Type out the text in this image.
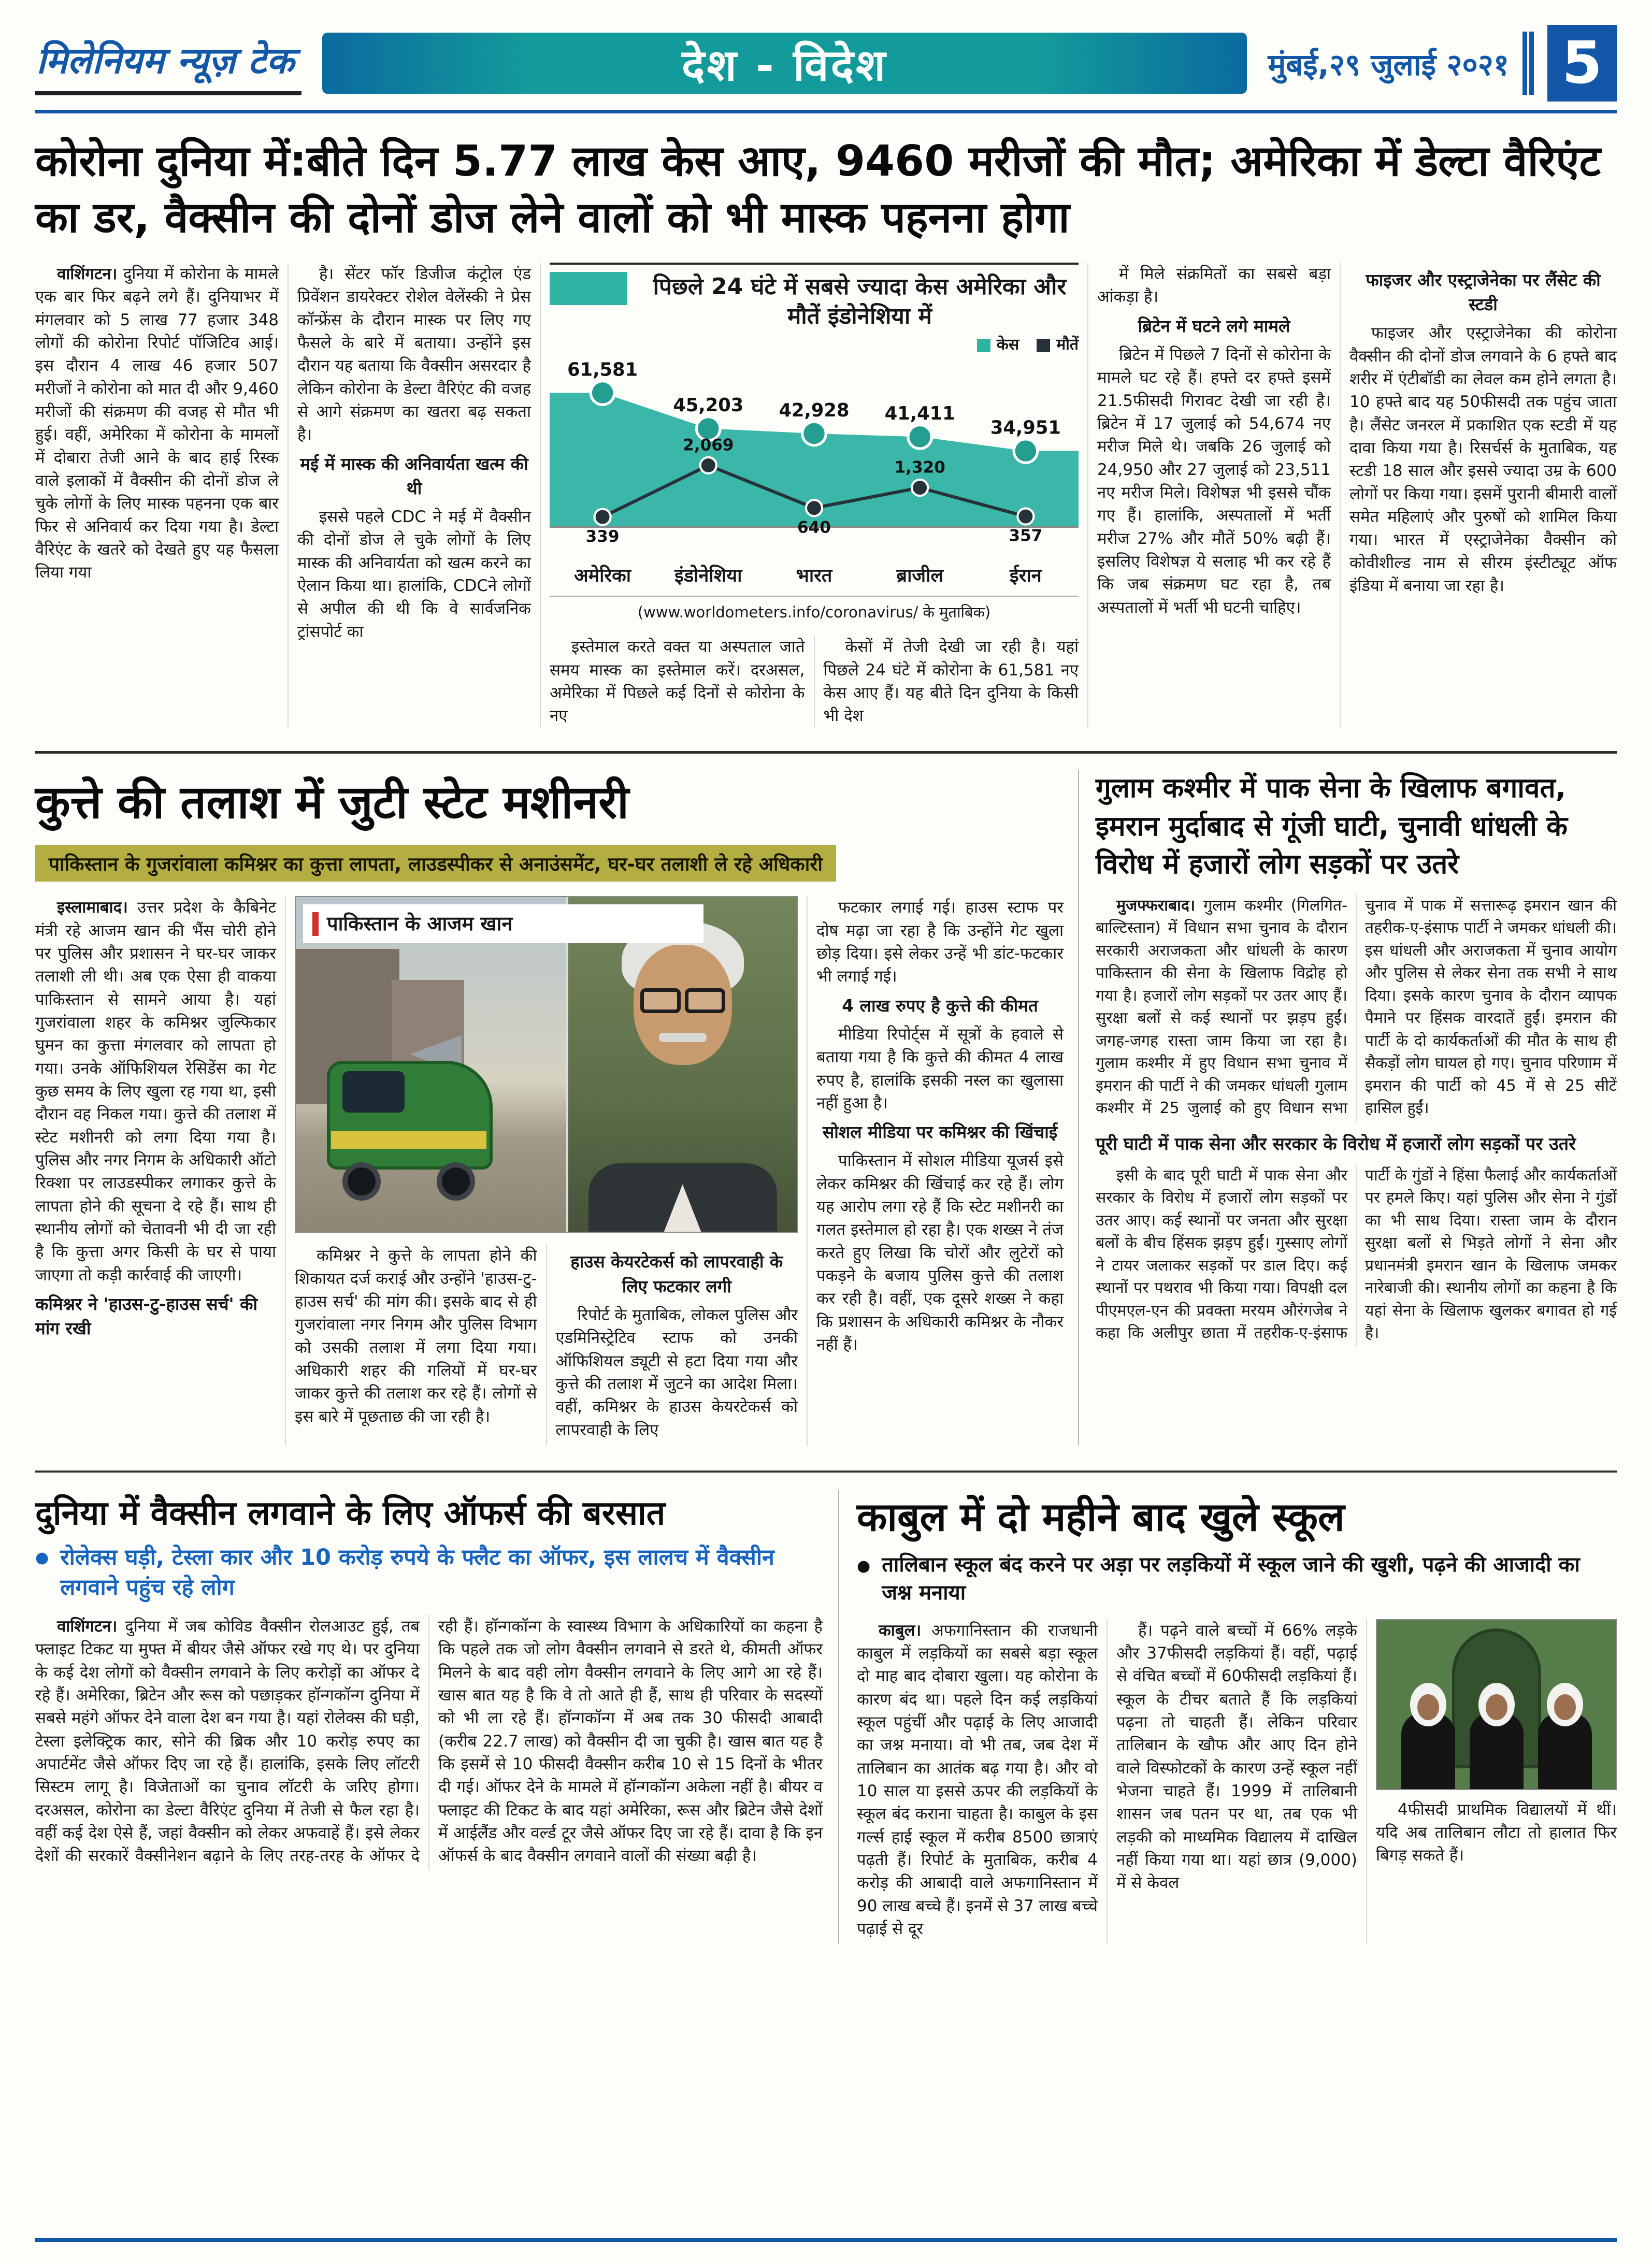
मिलेनियम न्यूज़ टेक	देश - विदेश	मुंबई,२९ जुलाई २०२१ 5
कोरोना दुनिया में:बीते दिन 5.77 लाख केस आए, 9460 मरीजों की मौत; अमेरिका में डेल्टा वैरिएंट का डर, वैक्सीन की दोनों डोज लेने वालों को भी मास्क पहनना होगा

वाशिंगटन। दुनिया में कोरोना के मामले एक बार फिर बढ़ने लगे हैं। दुनियाभर में मंगलवार को 5 लाख 77 हजार 348 लोगों की कोरोना रिपोर्ट पॉजिटिव आई। इस दौरान 4 लाख 46 हजार 507 मरीजों ने कोरोना को मात दी और 9,460 मरीजों की संक्रमण की वजह से मौत भी हुई। वहीं, अमेरिका में कोरोना के मामलों में दोबारा तेजी आने के बाद हाई रिस्क वाले इलाकों में वैक्सीन की दोनों डोज ले चुके लोगों के लिए मास्क पहनना एक बार फिर से अनिवार्य कर दिया गया है। डेल्टा वैरिएंट के खतरे को देखते हुए यह फैसला लिया गया

है। सेंटर फॉर डिजीज कंट्रोल एंड प्रिवेंशन डायरेक्टर रोशेल वेलेंस्की ने प्रेस कॉन्फ्रेंस के दौरान मास्क पर लिए गए फैसले के बारे में बताया। उन्होंने इस दौरान यह बताया कि वैक्सीन असरदार है लेकिन कोरोना के डेल्टा वैरिएंट की वजह से आगे संक्रमण का खतरा बढ़ सकता है।

मई में मास्क की अनिवार्यता खत्म की थी

इससे पहले CDC ने मई में वैक्सीन की दोनों डोज ले चुके लोगों के लिए मास्क की अनिवार्यता को खत्म करने का ऐलान किया था। हालांकि, CDCने लोगों से अपील की थी कि वे सार्वजनिक ट्रांसपोर्ट का

पिछले 24 घंटे में सबसे ज्यादा केस अमेरिका और मौतें इंडोनेशिया में
केस	मौतें
61,581
339
45,203
2,069
42,928
640
41,411
1,320
34,951
357
अमेरिका	इंडोनेशिया	भारत	ब्राजील	ईरान
(www.worldometers.info/coronavirus/ के मुताबिक)
इस्तेमाल करते वक्त या अस्पताल जाते समय मास्क का इस्तेमाल करें। दरअसल, अमेरिका में पिछले कई दिनों से कोरोना के नए
केसों में तेजी देखी जा रही है। यहां पिछले 24 घंटे में कोरोना के 61,581 नए केस आए हैं। यह बीते दिन दुनिया के किसी भी देश

में मिले संक्रमितों का सबसे बड़ा आंकड़ा है।

ब्रिटेन में घटने लगे मामले

ब्रिटेन में पिछले 7 दिनों से कोरोना के मामले घट रहे हैं। हफ्ते दर हफ्ते इसमें 21.5फीसदी गिरावट देखी जा रही है। ब्रिटेन में 17 जुलाई को 54,674 नए मरीज मिले थे। जबकि 26 जुलाई को 24,950 और 27 जुलाई को 23,511 नए मरीज मिले। विशेषज्ञ भी इससे चौंक गए हैं। हालांकि, अस्पतालों में भर्ती मरीज 27% और मौतें 50% बढ़ी हैं। इसलिए विशेषज्ञ ये सलाह भी कर रहे हैं कि जब संक्रमण घट रहा है, तब अस्पतालों में भर्ती भी घटनी चाहिए।

फाइजर और एस्ट्राजेनेका पर लैंसेट की स्टडी

फाइजर और एस्ट्राजेनेका की कोरोना वैक्सीन की दोनों डोज लगवाने के 6 हफ्ते बाद शरीर में एंटीबॉडी का लेवल कम होने लगता है। 10 हफ्ते बाद यह 50फीसदी तक पहुंच जाता है। लैंसेट जनरल में प्रकाशित एक स्टडी में यह दावा किया गया है। रिसर्चर्स के मुताबिक, यह स्टडी 18 साल और इससे ज्यादा उम्र के 600 लोगों पर किया गया। इसमें पुरानी बीमारी वालों समेत महिलाएं और पुरुषों को शामिल किया गया। भारत में एस्ट्राजेनेका वैक्सीन को कोवीशील्ड नाम से सीरम इंस्टीट्यूट ऑफ इंडिया में बनाया जा रहा है।

कुत्ते की तलाश में जुटी स्टेट मशीनरी
पाकिस्तान के गुजरांवाला कमिश्नर का कुत्ता लापता, लाउडस्पीकर से अनाउंसमेंट, घर-घर तलाशी ले रहे अधिकारी

इस्लामाबाद। उत्तर प्रदेश के कैबिनेट मंत्री रहे आजम खान की भैंस चोरी होने पर पुलिस और प्रशासन ने घर-घर जाकर तलाशी ली थी। अब एक ऐसा ही वाकया पाकिस्तान से सामने आया है। यहां गुजरांवाला शहर के कमिश्नर जुल्फिकार घुमन का कुत्ता मंगलवार को लापता हो गया। उनके ऑफिशियल रेसिडेंस का गेट कुछ समय के लिए खुला रह गया था, इसी दौरान वह निकल गया। कुत्ते की तलाश में स्टेट मशीनरी को लगा दिया गया है। पुलिस और नगर निगम के अधिकारी ऑटो रिक्शा पर लाउडस्पीकर लगाकर कुत्ते के लापता होने की सूचना दे रहे हैं। साथ ही स्थानीय लोगों को चेतावनी भी दी जा रही है कि कुत्ता अगर किसी के घर से पाया जाएगा तो कड़ी कार्रवाई की जाएगी।

कमिश्नर ने 'हाउस-टु-हाउस सर्च' की मांग रखी

पाकिस्तान के आजम खान

कमिश्नर ने कुत्ते के लापता होने की शिकायत दर्ज कराई और उन्होंने 'हाउस-टु-हाउस सर्च' की मांग की। इसके बाद से ही गुजरांवाला नगर निगम और पुलिस विभाग को उसकी तलाश में लगा दिया गया। अधिकारी शहर की गलियों में घर-घर जाकर कुत्ते की तलाश कर रहे हैं। लोगों से इस बारे में पूछताछ की जा रही है।

हाउस केयरटेकर्स को लापरवाही के लिए फटकार लगी

रिपोर्ट के मुताबिक, लोकल पुलिस और एडमिनिस्ट्रेटिव स्टाफ को उनकी ऑफिशियल ड्यूटी से हटा दिया गया और कुत्ते की तलाश में जुटने का आदेश मिला। वहीं, कमिश्नर के हाउस केयरटेकर्स को लापरवाही के लिए

फटकार लगाई गई। हाउस स्टाफ पर दोष मढ़ा जा रहा है कि उन्होंने गेट खुला छोड़ दिया। इसे लेकर उन्हें भी डांट-फटकार भी लगाई गई।

4 लाख रुपए है कुत्ते की कीमत

मीडिया रिपोर्ट्स में सूत्रों के हवाले से बताया गया है कि कुत्ते की कीमत 4 लाख रुपए है, हालांकि इसकी नस्ल का खुलासा नहीं हुआ है।

सोशल मीडिया पर कमिश्नर की खिंचाई

पाकिस्तान में सोशल मीडिया यूजर्स इसे लेकर कमिश्नर की खिंचाई कर रहे हैं। लोग यह आरोप लगा रहे हैं कि स्टेट मशीनरी का गलत इस्तेमाल हो रहा है। एक शख्स ने तंज करते हुए लिखा कि चोरों और लुटेरों को पकड़ने के बजाय पुलिस कुत्ते की तलाश कर रही है। वहीं, एक दूसरे शख्स ने कहा कि प्रशासन के अधिकारी कमिश्नर के नौकर नहीं हैं।

गुलाम कश्मीर में पाक सेना के खिलाफ बगावत, इमरान मुर्दाबाद से गूंजी घाटी, चुनावी धांधली के विरोध में हजारों लोग सड़कों पर उतरे

मुजफ्फराबाद। गुलाम कश्मीर (गिलगित-बाल्टिस्तान) में विधान सभा चुनाव के दौरान सरकारी अराजकता और धांधली के कारण पाकिस्तान की सेना के खिलाफ विद्रोह हो गया है। हजारों लोग सड़कों पर उतर आए हैं। सुरक्षा बलों से कई स्थानों पर झड़प हुईं। जगह-जगह रास्ता जाम किया जा रहा है। गुलाम कश्मीर में हुए विधान सभा चुनाव में इमरान की पार्टी ने की जमकर धांधली गुलाम कश्मीर में 25 जुलाई को हुए विधान सभा चुनाव में पाक में सत्तारूढ़ इमरान खान की तहरीक-ए-इंसाफ पार्टी ने जमकर धांधली की। इस धांधली और अराजकता में चुनाव आयोग और पुलिस से लेकर सेना तक सभी ने साथ दिया। इसके कारण चुनाव के दौरान व्यापक पैमाने पर हिंसक वारदातें हुईं। इमरान की पार्टी के दो कार्यकर्ताओं की मौत के साथ ही सैकड़ों लोग घायल हो गए। चुनाव परिणाम में इमरान की पार्टी को 45 में से 25 सीटें हासिल हुईं।

पूरी घाटी में पाक सेना और सरकार के विरोध में हजारों लोग सड़कों पर उतरे

इसी के बाद पूरी घाटी में पाक सेना और सरकार के विरोध में हजारों लोग सड़कों पर उतर आए। कई स्थानों पर जनता और सुरक्षा बलों के बीच हिंसक झड़प हुईं। गुस्साए लोगों ने टायर जलाकर सड़कों पर डाल दिए। कई स्थानों पर पथराव भी किया गया। विपक्षी दल पीएमएल-एन की प्रवक्ता मरयम औरंगजेब ने कहा कि अलीपुर छाता में तहरीक-ए-इंसाफ पार्टी के गुंडों ने हिंसा फैलाई और कार्यकर्ताओं पर हमले किए। यहां पुलिस और सेना ने गुंडों का भी साथ दिया। रास्ता जाम के दौरान सुरक्षा बलों से भिड़ते लोगों ने सेना और प्रधानमंत्री इमरान खान के खिलाफ जमकर नारेबाजी की। स्थानीय लोगों का कहना है कि यहां सेना के खिलाफ खुलकर बगावत हो गई है।

दुनिया में वैक्सीन लगवाने के लिए ऑफर्स की बरसात
● रोलेक्स घड़ी, टेस्ला कार और 10 करोड़ रुपये के फ्लैट का ऑफर, इस लालच में वैक्सीन लगवाने पहुंच रहे लोग

वाशिंगटन। दुनिया में जब कोविड वैक्सीन रोलआउट हुई, तब फ्लाइट टिकट या मुफ्त में बीयर जैसे ऑफर रखे गए थे। पर दुनिया के कई देश लोगों को वैक्सीन लगवाने के लिए करोड़ों का ऑफर दे रहे हैं। अमेरिका, ब्रिटेन और रूस को पछाड़कर हॉन्गकॉन्ग दुनिया में सबसे महंगे ऑफर देने वाला देश बन गया है। यहां रोलेक्स की घड़ी, टेस्ला इलेक्ट्रिक कार, सोने की ब्रिक और 10 करोड़ रुपए का अपार्टमेंट जैसे ऑफर दिए जा रहे हैं। हालांकि, इसके लिए लॉटरी सिस्टम लागू है। विजेताओं का चुनाव लॉटरी के जरिए होगा। दरअसल, कोरोना का डेल्टा वैरिएंट दुनिया में तेजी से फैल रहा है। वहीं कई देश ऐसे हैं, जहां वैक्सीन को लेकर अफवाहें हैं। इसे लेकर देशों की सरकारें वैक्सीनेशन बढ़ाने के लिए तरह-तरह के ऑफर दे रही हैं। हॉन्गकॉन्ग के स्वास्थ्य विभाग के अधिकारियों का कहना है कि पहले तक जो लोग वैक्सीन लगवाने से डरते थे, कीमती ऑफर मिलने के बाद वही लोग वैक्सीन लगवाने के लिए आगे आ रहे हैं। खास बात यह है कि वे तो आते ही हैं, साथ ही परिवार के सदस्यों को भी ला रहे हैं। हॉन्गकॉन्ग में अब तक 30 फीसदी आबादी (करीब 22.7 लाख) को वैक्सीन दी जा चुकी है। खास बात यह है कि इसमें से 10 फीसदी वैक्सीन करीब 10 से 15 दिनों के भीतर दी गई। ऑफर देने के मामले में हॉन्गकॉन्ग अकेला नहीं है। बीयर व फ्लाइट की टिकट के बाद यहां अमेरिका, रूस और ब्रिटेन जैसे देशों में आईलैंड और वर्ल्ड टूर जैसे ऑफर दिए जा रहे हैं। दावा है कि इन ऑफर्स के बाद वैक्सीन लगवाने वालों की संख्या बढ़ी है।

काबुल में दो महीने बाद खुले स्कूल
● तालिबान स्कूल बंद करने पर अड़ा पर लड़कियों में स्कूल जाने की खुशी, पढ़ने की आजादी का जश्न मनाया

काबुल। अफगानिस्तान की राजधानी काबुल में लड़कियों का सबसे बड़ा स्कूल दो माह बाद दोबारा खुला। यह कोरोना के कारण बंद था। पहले दिन कई लड़कियां स्कूल पहुंचीं और पढ़ाई के लिए आजादी का जश्न मनाया। वो भी तब, जब देश में तालिबान का आतंक बढ़ गया है। और वो 10 साल या इससे ऊपर की लड़कियों के स्कूल बंद कराना चाहता है। काबुल के इस गर्ल्स हाई स्कूल में करीब 8500 छात्राएं पढ़ती हैं। रिपोर्ट के मुताबिक, करीब 4 करोड़ की आबादी वाले अफगानिस्तान में 90 लाख बच्चे हैं। इनमें से 37 लाख बच्चे पढ़ाई से दूर

हैं। पढ़ने वाले बच्चों में 66% लड़के और 37फीसदी लड़कियां हैं। वहीं, पढ़ाई से वंचित बच्चों में 60फीसदी लड़कियां हैं। स्कूल के टीचर बताते हैं कि लड़कियां पढ़ना तो चाहती हैं। लेकिन परिवार तालिबान के खौफ और आए दिन होने वाले विस्फोटकों के कारण उन्हें स्कूल नहीं भेजना चाहते हैं। 1999 में तालिबानी शासन जब पतन पर था, तब एक भी लड़की को माध्यमिक विद्यालय में दाखिल नहीं किया गया था। यहां छात्र (9,000) में से केवल

4फीसदी प्राथमिक विद्यालयों में थीं। यदि अब तालिबान लौटा तो हालात फिर बिगड़ सकते हैं।
